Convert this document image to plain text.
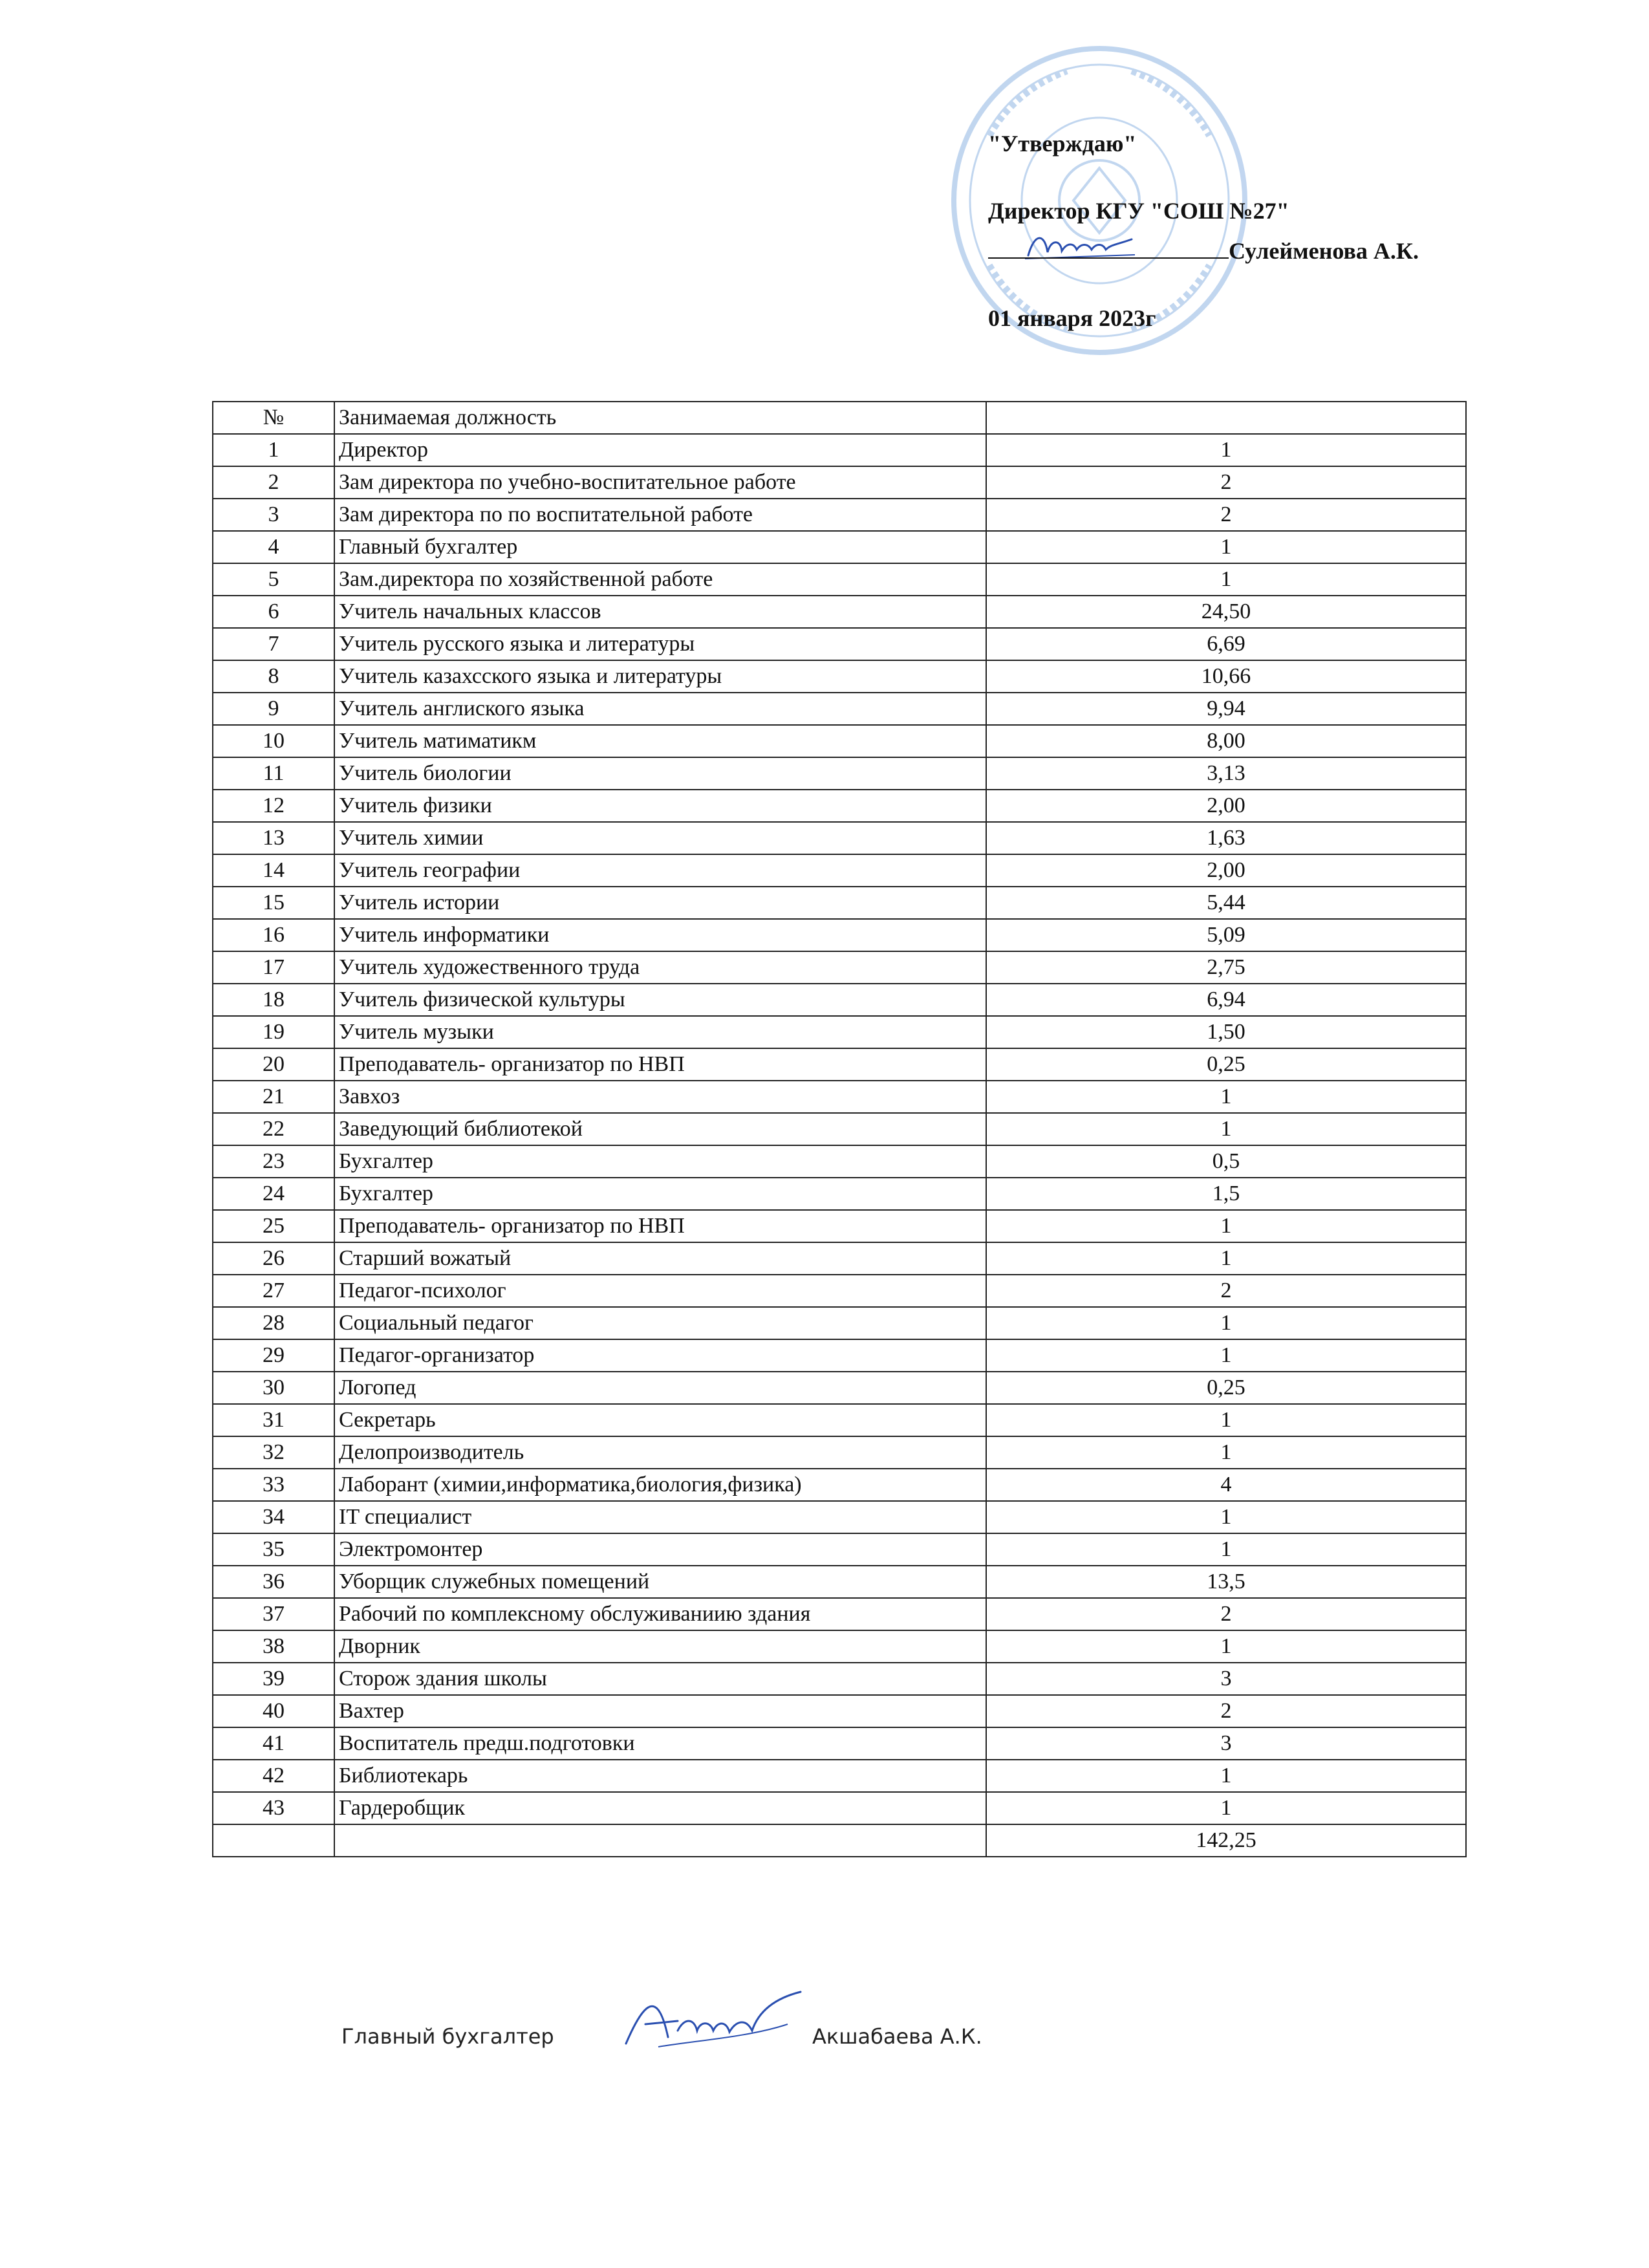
"Утверждаю"
Директор КГУ "СОШ №27"
Сулейменова А.К.
01 января 2023г
№	Занимаемая должность	
1	Директор	1
2	Зам директора по учебно-воспитательное работе	2
3	Зам директора по по воспитательной работе	2
4	Главный бухгалтер	1
5	Зам.директора по хозяйственной работе	1
6	Учитель начальных классов	24,50
7	Учитель русского языка и литературы	6,69
8	Учитель казахсского языка и литературы	10,66
9	Учитель англиского языка	9,94
10	Учитель матиматикм	8,00
11	Учитель биологии	3,13
12	Учитель физики	2,00
13	Учитель химии	1,63
14	Учитель географии	2,00
15	Учитель истории	5,44
16	Учитель информатики	5,09
17	Учитель художественного труда	2,75
18	Учитель физической культуры	6,94
19	Учитель музыки	1,50
20	Преподаватель- организатор по НВП	0,25
21	Завхоз	1
22	Заведующий библиотекой	1
23	Бухгалтер	0,5
24	Бухгалтер	1,5
25	Преподаватель- организатор по НВП	1
26	Старший вожатый	1
27	Педагог-психолог	2
28	Социальный педагог	1
29	Педагог-организатор	1
30	Логопед	0,25
31	Секретарь	1
32	Делопроизводитель	1
33	Лаборант (химии,информатика,биология,физика)	4
34	IT специалист	1
35	Электромонтер	1
36	Уборщик служебных помещений	13,5
37	Рабочий по комплексному обслуживаниию здания	2
38	Дворник	1
39	Сторож здания школы	3
40	Вахтер	2
41	Воспитатель предш.подготовки	3
42	Библиотекарь	1
43	Гардеробщик	1
		142,25
Главный бухгалтер	Акшабаева А.К.
